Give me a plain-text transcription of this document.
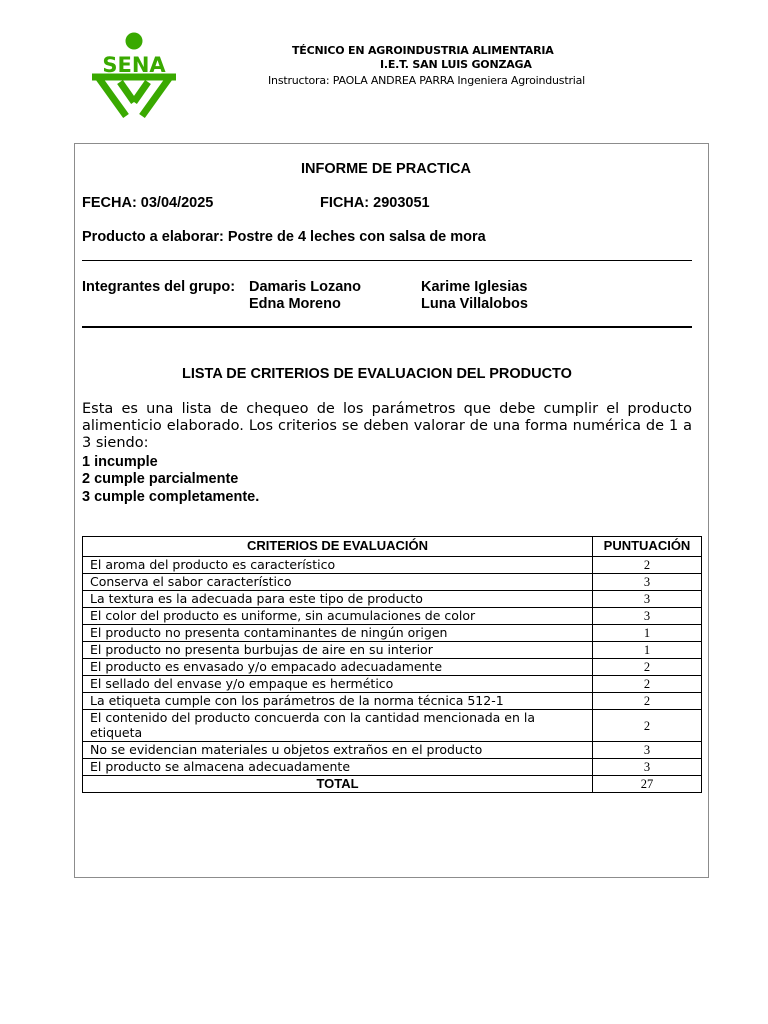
SENA
TÉCNICO EN AGROINDUSTRIA ALIMENTARIA
I.E.T. SAN LUIS GONZAGA
Instructora: PAOLA ANDREA PARRA Ingeniera Agroindustrial
INFORME DE PRACTICA
FECHA: 03/04/2025	FICHA: 2903051
Producto a elaborar: Postre de 4 leches con salsa de mora
Integrantes del grupo: Damaris Lozano	Karime Iglesias
Edna Moreno	Luna Villalobos
LISTA DE CRITERIOS DE EVALUACION DEL PRODUCTO
Esta es una lista de chequeo de los parámetros que debe cumplir el producto alimenticio elaborado. Los criterios se deben valorar de una forma numérica de 1 a 3 siendo:
1 incumple
2 cumple parcialmente
3 cumple completamente.
CRITERIOS DE EVALUACIÓN	PUNTUACIÓN
El aroma del producto es característico	2
Conserva el sabor característico	3
La textura es la adecuada para este tipo de producto	3
El color del producto es uniforme, sin acumulaciones de color	3
El producto no presenta contaminantes de ningún origen	1
El producto no presenta burbujas de aire en su interior	1
El producto es envasado y/o empacado adecuadamente	2
El sellado del envase y/o empaque es hermético	2
La etiqueta cumple con los parámetros de la norma técnica 512-1	2
El contenido del producto concuerda con la cantidad mencionada en la etiqueta	2
No se evidencian materiales u objetos extraños en el producto	3
El producto se almacena adecuadamente	3
TOTAL	27
